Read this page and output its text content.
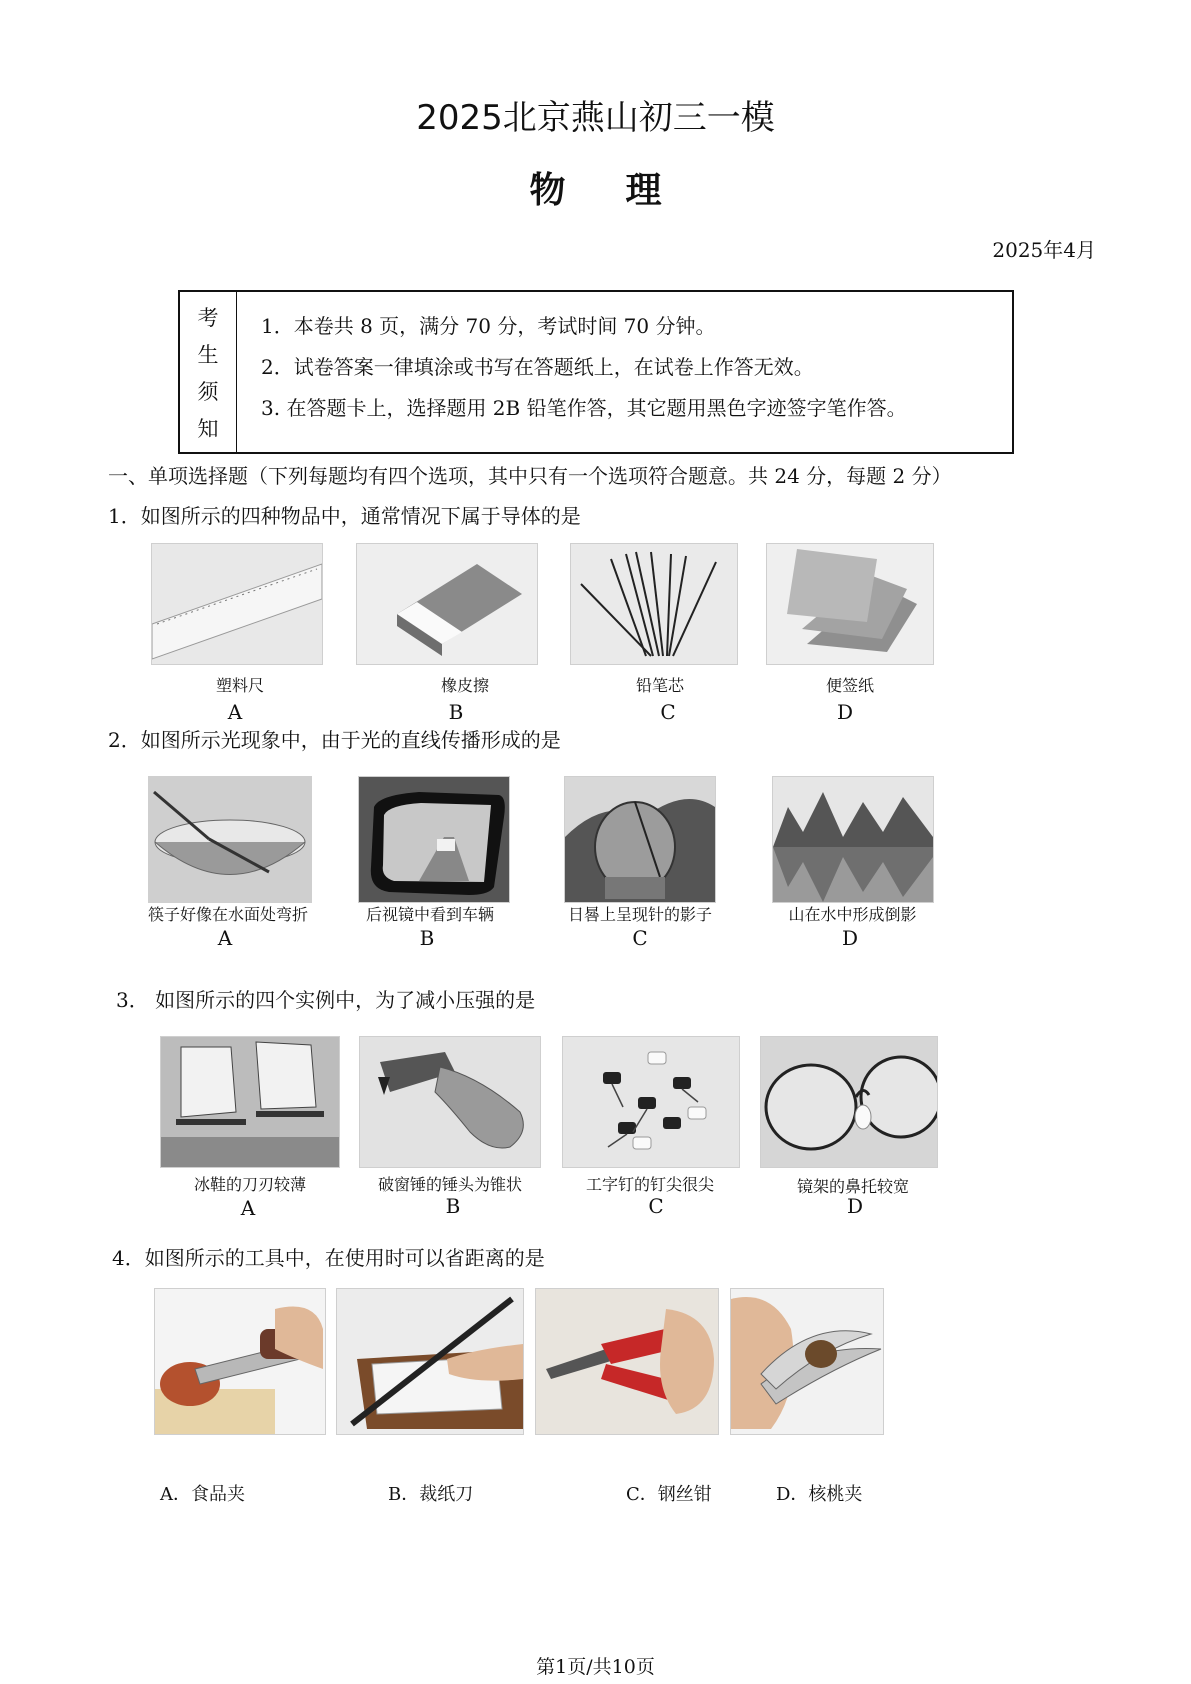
2025北京燕山初三一模
物理
2025年4月
考
生
须
知
1．本卷共 8 页，满分 70 分，考试时间 70 分钟。
2．试卷答案一律填涂或书写在答题纸上，在试卷上作答无效。
3. 在答题卡上，选择题用 2B 铅笔作答，其它题用黑色字迹签字笔作答。
一、单项选择题（下列每题均有四个选项，其中只有一个选项符合题意。共 24 分，每题 2 分）
1．如图所示的四种物品中，通常情况下属于导体的是
塑料尺
A
橡皮擦
B
铅笔芯
C
便签纸
D
2．如图所示光现象中，由于光的直线传播形成的是
筷子好像在水面处弯折
A
后视镜中看到车辆
B
日晷上呈现针的影子
C
山在水中形成倒影
D
3． 如图所示的四个实例中，为了减小压强的是
冰鞋的刀刃较薄
A
破窗锤的锤头为锥状
B
工字钉的钉尖很尖
C
镜架的鼻托较宽
D
4．如图所示的工具中，在使用时可以省距离的是
A．食品夹	B．裁纸刀	C．钢丝钳	D．核桃夹
第1页/共10页
